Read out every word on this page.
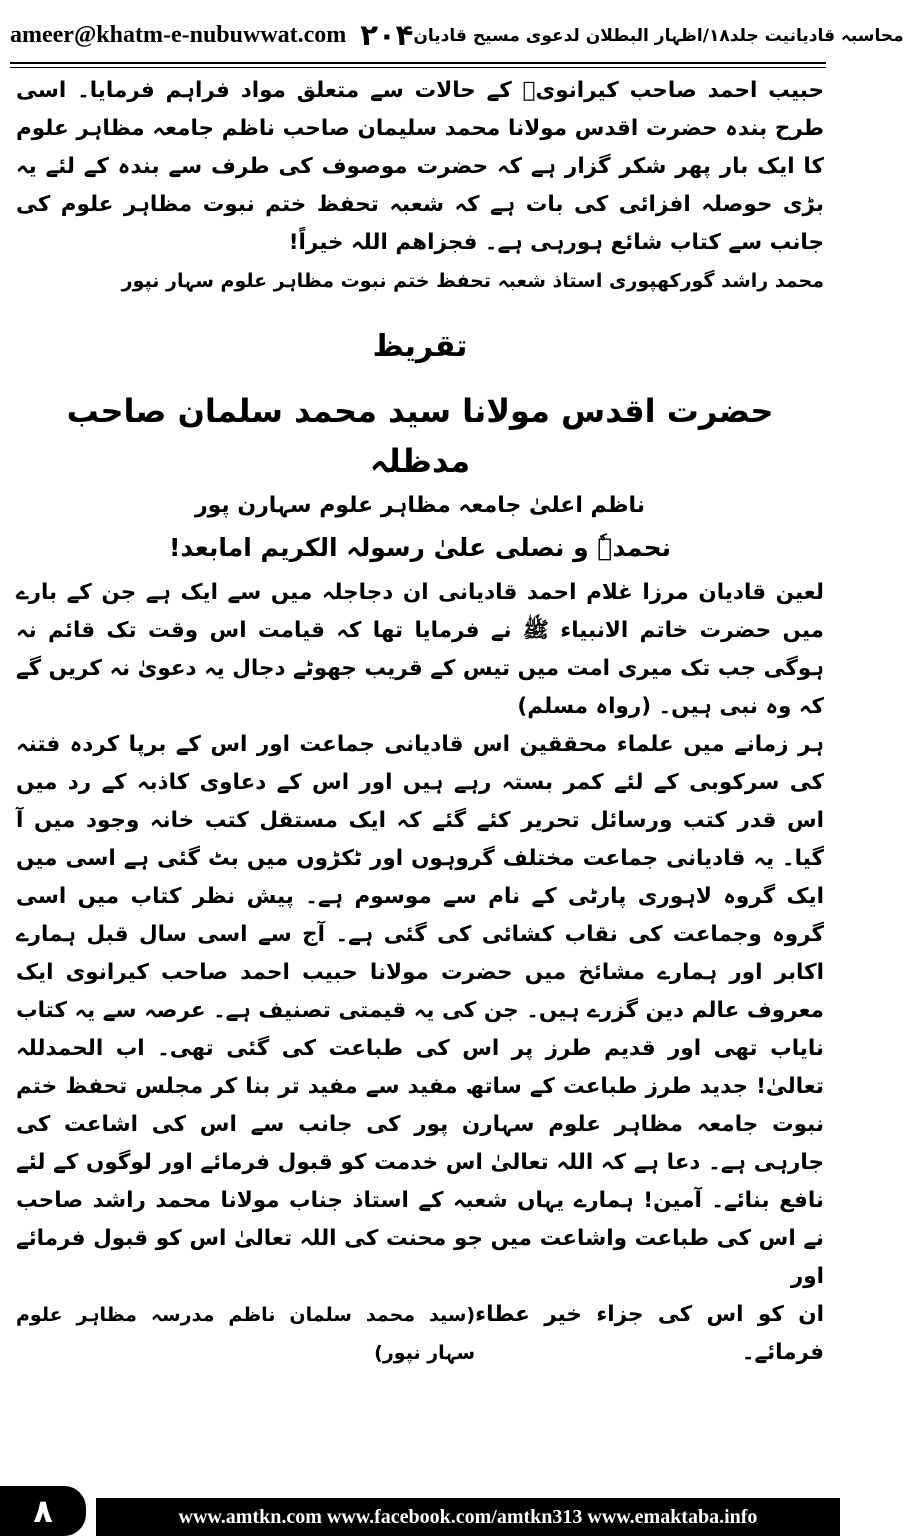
ameer@khatm-e-nubuwwat.com	محاسبہ قادیانیت جلد۱۸/اظہار البطلان لدعوی مسیح قادیان
۲۰۴

حبیب احمد صاحب کیرانویؒ کے حالات سے متعلق مواد فراہم فرمایا۔ اسی طرح بندہ حضرت اقدس مولانا محمد سلیمان صاحب ناظم جامعہ مظاہر علوم کا ایک بار پھر شکر گزار ہے کہ حضرت موصوف کی طرف سے بندہ کے لئے یہ بڑی حوصلہ افزائی کی بات ہے کہ شعبہ تحفظ ختم نبوت مظاہر علوم کی جانب سے کتاب شائع ہورہی ہے۔ فجزاھم اللہ خیراً!

محمد راشد گورکھپوری استاذ شعبہ تحفظ ختم نبوت مظاہر علوم سہار نپور

تقریظ
حضرت اقدس مولانا سید محمد سلمان صاحب مدظلہ
ناظم اعلیٰ جامعہ مظاہر علوم سہارن پور
نحمدہٗ و نصلی علیٰ رسولہ الکریم امابعد!

لعین قادیان مرزا غلام احمد قادیانی ان دجاجلہ میں سے ایک ہے جن کے بارے میں حضرت خاتم الانبیاء ﷺ نے فرمایا تھا کہ قیامت اس وقت تک قائم نہ ہوگی جب تک میری امت میں تیس کے قریب جھوٹے دجال یہ دعویٰ نہ کریں گے کہ وہ نبی ہیں۔ (رواہ مسلم)

ہر زمانے میں علماء محققین اس قادیانی جماعت اور اس کے برپا کردہ فتنہ کی سرکوبی کے لئے کمر بستہ رہے ہیں اور اس کے دعاوی کاذبہ کے رد میں اس قدر کتب ورسائل تحریر کئے گئے کہ ایک مستقل کتب خانہ وجود میں آ گیا۔ یہ قادیانی جماعت مختلف گروہوں اور ٹکڑوں میں بٹ گئی ہے اسی میں ایک گروہ لاہوری پارٹی کے نام سے موسوم ہے۔ پیش نظر کتاب میں اسی گروہ وجماعت کی نقاب کشائی کی گئی ہے۔ آج سے اسی سال قبل ہمارے اکابر اور ہمارے مشائخ میں حضرت مولانا حبیب احمد صاحب کیرانوی ایک معروف عالم دین گزرے ہیں۔ جن کی یہ قیمتی تصنیف ہے۔ عرصہ سے یہ کتاب نایاب تھی اور قدیم طرز پر اس کی طباعت کی گئی تھی۔ اب الحمدللہ تعالیٰ! جدید طرز طباعت کے ساتھ مفید سے مفید تر بنا کر مجلس تحفظ ختم نبوت جامعہ مظاہر علوم سہارن پور کی جانب سے اس کی اشاعت کی جارہی ہے۔ دعا ہے کہ اللہ تعالیٰ اس خدمت کو قبول فرمائے اور لوگوں کے لئے نافع بنائے۔ آمین! ہمارے یہاں شعبہ کے استاذ جناب مولانا محمد راشد صاحب نے اس کی طباعت واشاعت میں جو محنت کی اللہ تعالیٰ اس کو قبول فرمائے اور

ان کو اس کی جزاء خیر عطاء فرمائے۔
(سید محمد سلمان ناظم مدرسہ مظاہر علوم سہار نپور)
۸	www.amtkn.com www.facebook.com/amtkn313 www.emaktaba.info
